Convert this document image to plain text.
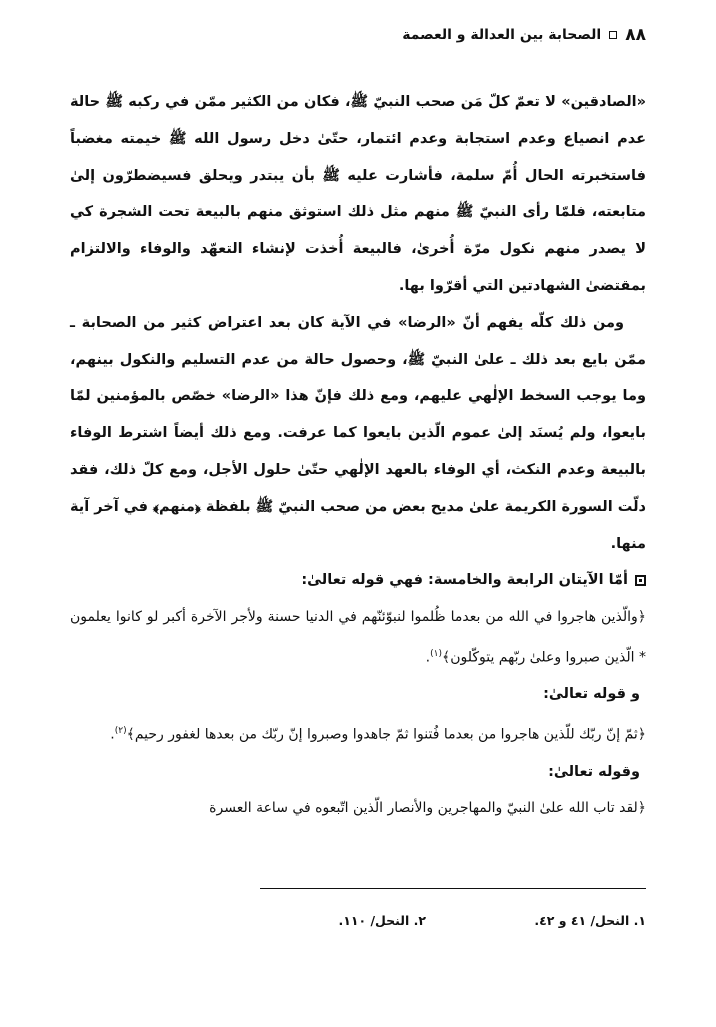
٨٨
الصحابة بين العدالة و العصمة

«الصادقين» لا تعمّ كلّ مَن صحب النبيّ ﷺ، فكان من الكثير ممّن في ركبه ﷺ حالة عدم انصياع وعدم استجابة وعدم ائتمار، حتّىٰ دخل رسول الله ﷺ خيمته مغضباً فاستخبرته الحال أُمّ سلمة، فأشارت عليه ﷺ بأن يبتدر ويحلق فسيضطرّون إلىٰ متابعته، فلمّا رأى النبيّ ﷺ منهم مثل ذلك استوثق منهم بالبيعة تحت الشجرة كي لا يصدر منهم نكول مرّة أُخرىٰ، فالبيعة أُخذت لإنشاء التعهّد والوفاء والالتزام بمقتضىٰ الشهادتين التي أقرّوا بها.

ومن ذلك كلّه يفهم أنّ «الرضا» في الآية كان بعد اعتراض كثير من الصحابة ـ ممّن بايع بعد ذلك ـ علىٰ النبيّ ﷺ، وحصول حالة من عدم التسليم والنكول بينهم، وما يوجب السخط الإلٰهي عليهم، ومع ذلك فإنّ هذا «الرضا» خصّص بالمؤمنين لمّا بايعوا، ولم يُسنَد إلىٰ عموم الّذين بايعوا كما عرفت. ومع ذلك أيضاً اشترط الوفاء بالبيعة وعدم النكث، أي الوفاء بالعهد الإلٰهي حتّىٰ حلول الأجل، ومع كلّ ذلك، فقد دلّت السورة الكريمة علىٰ مديح بعض من صحب النبيّ ﷺ بلفظة ﴿منهم﴾ في آخر آية منها.

أمّا الآيتان الرابعة والخامسة: فهي قوله تعالىٰ:

﴿والّذين هاجروا في الله من بعدما ظُلموا لنبوّئنّهم في الدنيا حسنة ولأجر الآخرة أكبر لو كانوا يعلمون * الّذين صبروا وعلىٰ ربّهم يتوكّلون﴾$^{(١)}$.

و قوله تعالىٰ:

﴿ثمّ إنّ ربّك للّذين هاجروا من بعدما فُتنوا ثمّ جاهدوا وصبروا إنّ ربّك من بعدها لغفور رحيم﴾$^{(٢)}$.

وقوله تعالىٰ:

﴿لقد تاب الله علىٰ النبيّ والمهاجرين والأنصار الّذين اتّبعوه في ساعة العسرة

١. النحل/ ٤١ و ٤٢.
٢. النحل/ ١١٠.
